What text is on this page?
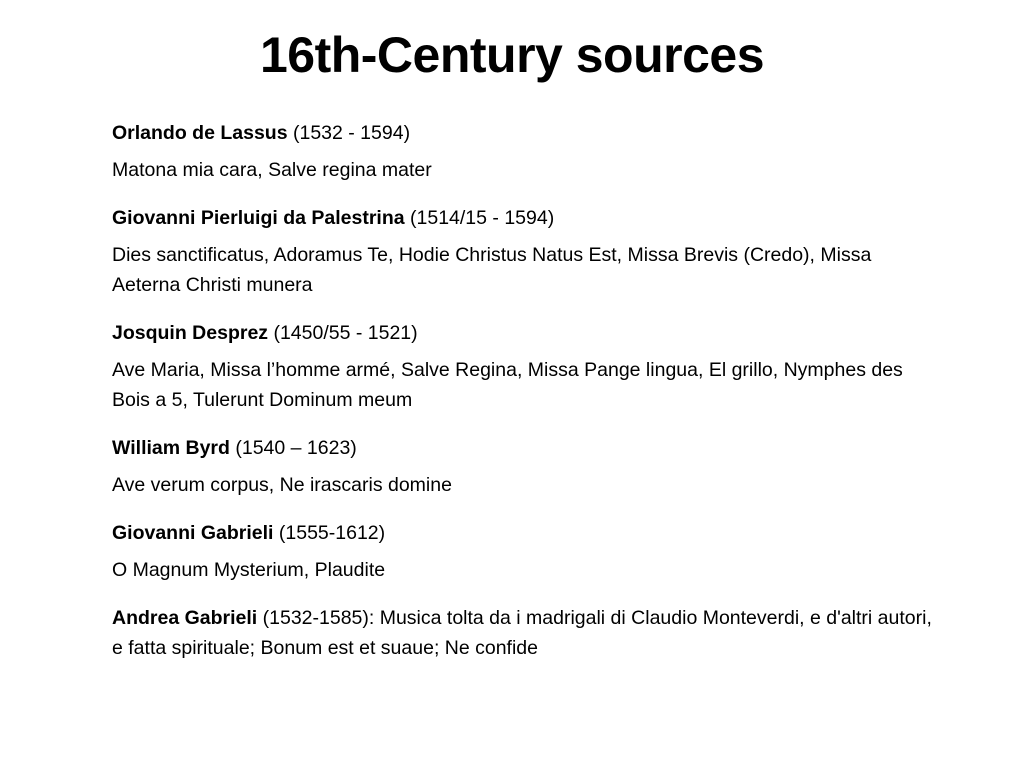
16th-Century sources

Orlando de Lassus (1532 - 1594)

Matona mia cara, Salve regina mater

Giovanni Pierluigi da Palestrina (1514/15 - 1594)

Dies sanctificatus, Adoramus Te, Hodie Christus Natus Est, Missa Brevis (Credo), Missa Aeterna Christi munera

Josquin Desprez (1450/55 - 1521)

Ave Maria, Missa l’homme armé, Salve Regina, Missa Pange lingua, El grillo, Nymphes des Bois a 5, Tulerunt Dominum meum

William Byrd (1540 – 1623)

Ave verum corpus, Ne irascaris domine

Giovanni Gabrieli (1555-1612)

O Magnum Mysterium, Plaudite

Andrea Gabrieli (1532-1585): Musica tolta da i madrigali di Claudio Monteverdi, e d'altri autori, e fatta spirituale; Bonum est et suaue; Ne confide
